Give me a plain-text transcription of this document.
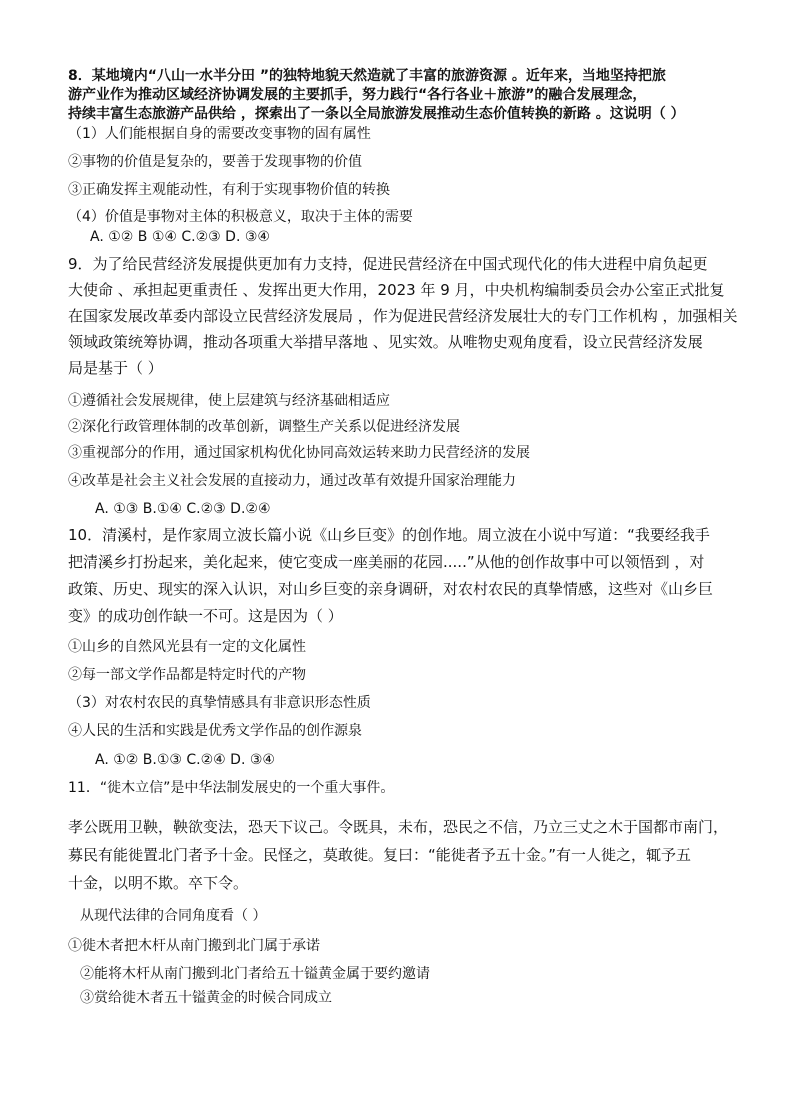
8．某地境内“八山一水半分田 ”的独特地貌天然造就了丰富的旅游资源 。近年来，当地坚持把旅
游产业作为推动区域经济协调发展的主要抓手，努力践行“各行各业＋旅游”的融合发展理念，
持续丰富生态旅游产品供给 ，探索出了一条以全局旅游发展推动生态价值转换的新路 。这说明（ ）
（1）人们能根据自身的需要改变事物的固有属性
②事物的价值是复杂的，要善于发现事物的价值
③正确发挥主观能动性，有利于实现事物价值的转换
（4）价值是事物对主体的积极意义，取决于主体的需要
A. ①② B ①④ C.②③ D. ③④
9．为了给民营经济发展提供更加有力支持，促进民营经济在中国式现代化的伟大进程中肩负起更
大使命 、承担起更重责任 、发挥出更大作用，2023 年 9 月，中央机构编制委员会办公室正式批复
在国家发展改革委内部设立民营经济发展局 ，作为促进民营经济发展壮大的专门工作机构 ，加强相关
领域政策统筹协调，推动各项重大举措早落地 、见实效。从唯物史观角度看，设立民营经济发展
局是基于（ ）
①遵循社会发展规律，使上层建筑与经济基础相适应
②深化行政管理体制的改革创新，调整生产关系以促进经济发展
③重视部分的作用，通过国家机构优化协同高效运转来助力民营经济的发展
④改革是社会主义社会发展的直接动力，通过改革有效提升国家治理能力
A. ①③ B.①④ C.②③ D.②④
10．清溪村，是作家周立波长篇小说《山乡巨变》的创作地。周立波在小说中写道：“我要经我手
把清溪乡打扮起来，美化起来，使它变成一座美丽的花园.....”从他的创作故事中可以领悟到 ，对
政策、历史、现实的深入认识，对山乡巨变的亲身调研，对农村农民的真挚情感，这些对《山乡巨
变》的成功创作缺一不可。这是因为（ ）
①山乡的自然风光县有一定的文化属性
②每一部文学作品都是特定时代的产物
（3）对农村农民的真挚情感具有非意识形态性质
④人民的生活和实践是优秀文学作品的创作源泉
A. ①② B.①③ C.②④ D. ③④
11．“徙木立信”是中华法制发展史的一个重大事件。
孝公既用卫鞅，鞅欲变法，恐天下议己。令既具，未布，恐民之不信，乃立三丈之木于国都市南门，
募民有能徙置北门者予十金。民怪之，莫敢徙。复曰：“能徙者予五十金。”有一人徙之，辄予五
十金，以明不欺。卒下令。
从现代法律的合同角度看（ ）
①徙木者把木杆从南门搬到北门属于承诺
②能将木杆从南门搬到北门者给五十镒黄金属于要约邀请
③赏给徙木者五十镒黄金的时候合同成立
